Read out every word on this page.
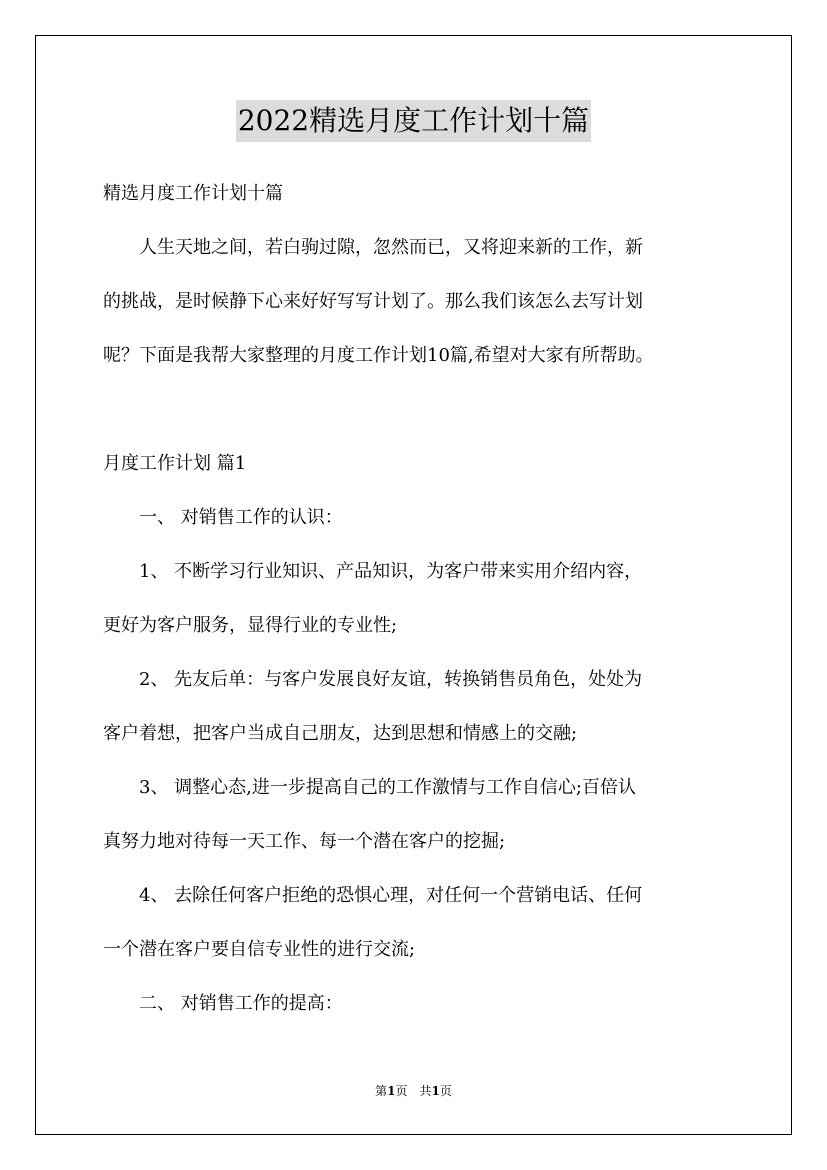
2022精选月度工作计划十篇
精选月度工作计划十篇
　　人生天地之间，若白驹过隙，忽然而已，又将迎来新的工作，新
的挑战，是时候静下心来好好写写计划了。那么我们该怎么去写计划
呢？下面是我帮大家整理的月度工作计划10篇,希望对大家有所帮助。
月度工作计划 篇1
　　一、 对销售工作的认识：
　　1、 不断学习行业知识、产品知识，为客户带来实用介绍内容，
更好为客户服务，显得行业的专业性;
　　2、 先友后单：与客户发展良好友谊，转换销售员角色，处处为
客户着想，把客户当成自己朋友，达到思想和情感上的交融;
　　3、 调整心态,进一步提高自己的工作激情与工作自信心;百倍认
真努力地对待每一天工作、每一个潜在客户的挖掘;
　　4、 去除任何客户拒绝的恐惧心理，对任何一个营销电话、任何
一个潜在客户要自信专业性的进行交流;
　　二、 对销售工作的提高：
第1页　共1页
